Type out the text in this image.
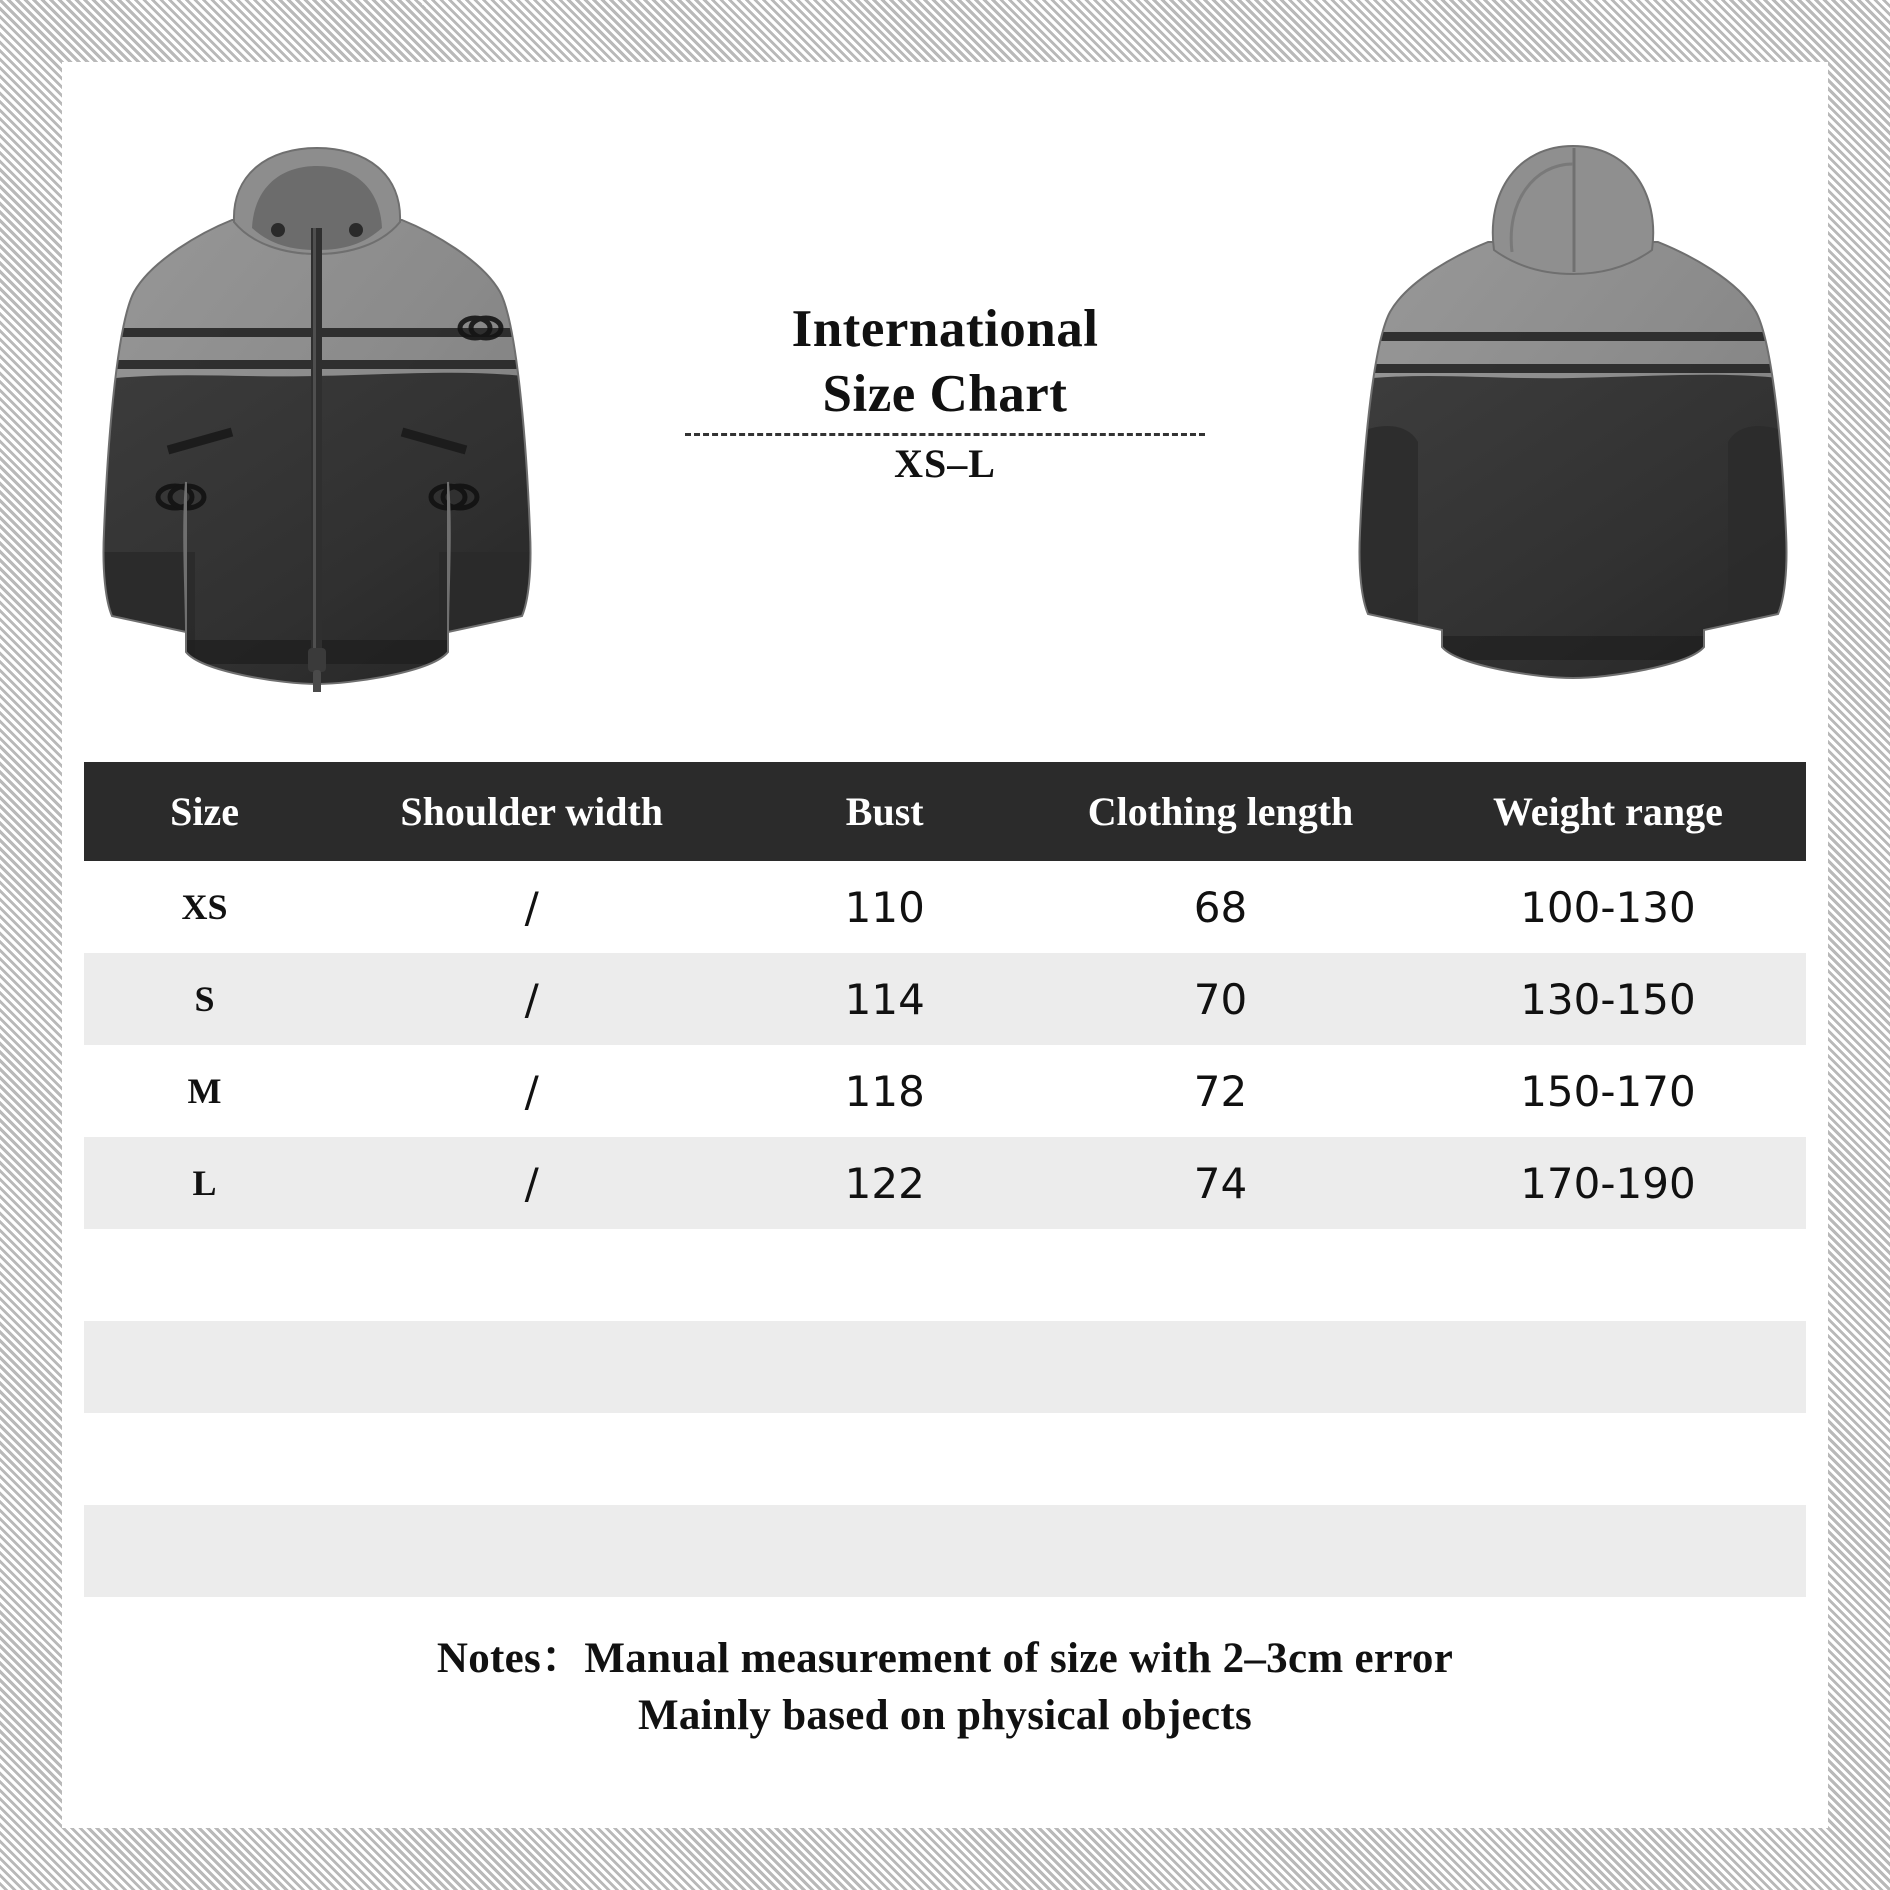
International
Size Chart
XS–L
Size	Shoulder width	Bust	Clothing length	Weight range
XS	/	110	68	100-130
S	/	114	70	130-150
M	/	118	72	150-170
L	/	122	74	170-190

Notes：Manual measurement of size with 2–3cm error
Mainly based on physical objects
